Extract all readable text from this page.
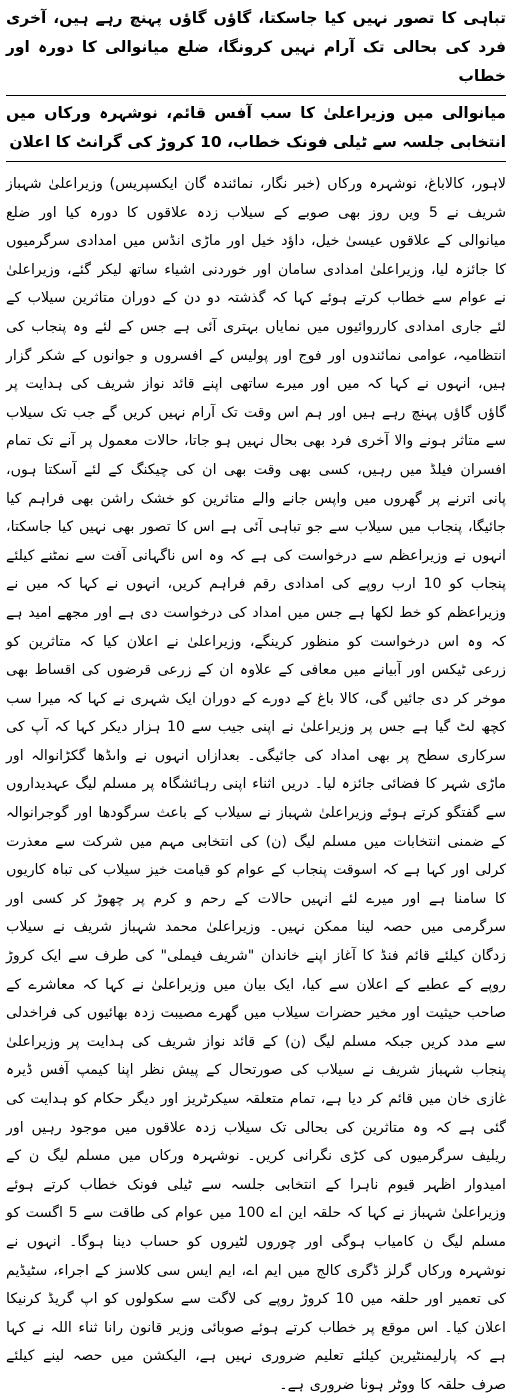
تباہی کا تصور نہیں کیا جاسکتا، گاؤں گاؤں پہنچ رہے ہیں، آخری فرد کی بحالی تک آرام نہیں کرونگا، ضلع میانوالی کا دورہ اور خطاب
میانوالی میں وزیراعلیٰ کا سب آفس قائم، نوشہرہ ورکاں میں انتخابی جلسہ سے ٹیلی فونک خطاب، 10 کروڑ کی گرانٹ کا اعلان
لاہور، کالاباغ، نوشہرہ ورکاں (خبر نگار، نمائندہ گان ایکسپریس) وزیراعلیٰ شہباز شریف نے 5 ویں روز بھی صوبے کے سیلاب زدہ علاقوں کا دورہ کیا اور ضلع میانوالی کے علاقوں عیسیٰ خیل، داؤد خیل اور ماڑی انڈس میں امدادی سرگرمیوں کا جائزہ لیا، وزیراعلیٰ امدادی سامان اور خوردنی اشیاء ساتھ لیکر گئے، وزیراعلیٰ نے عوام سے خطاب کرتے ہوئے کہا کہ گذشتہ دو دن کے دوران متاثرین سیلاب کے لئے جاری امدادی کارروائیوں میں نمایاں بہتری آئی ہے جس کے لئے وہ پنجاب کی انتظامیہ، عوامی نمائندوں اور فوج اور پولیس کے افسروں و جوانوں کے شکر گزار ہیں، انہوں نے کہا کہ میں اور میرے ساتھی اپنے قائد نواز شریف کی ہدایت پر گاؤں گاؤں پہنچ رہے ہیں اور ہم اس وقت تک آرام نہیں کریں گے جب تک سیلاب سے متاثر ہونے والا آخری فرد بھی بحال نہیں ہو جاتا، حالات معمول پر آنے تک تمام افسران فیلڈ میں رہیں، کسی بھی وقت بھی ان کی چیکنگ کے لئے آسکتا ہوں، پانی اترنے پر گھروں میں واپس جانے والے متاثرین کو خشک راشن بھی فراہم کیا جائیگا، پنجاب میں سیلاب سے جو تباہی آئی ہے اس کا تصور بھی نہیں کیا جاسکتا، انہوں نے وزیراعظم سے درخواست کی ہے کہ وہ اس ناگہانی آفت سے نمٹنے کیلئے پنجاب کو 10 ارب روپے کی امدادی رقم فراہم کریں، انہوں نے کہا کہ میں نے وزیراعظم کو خط لکھا ہے جس میں امداد کی درخواست دی ہے اور مجھے امید ہے کہ وہ اس درخواست کو منظور کرینگے، وزیراعلیٰ نے اعلان کیا کہ متاثرین کو زرعی ٹیکس اور آبیانے میں معافی کے علاوہ ان کے زرعی قرضوں کی اقساط بھی موخر کر دی جائیں گی، کالا باغ کے دورے کے دوران ایک شہری نے کہا کہ میرا سب کچھ لٹ گیا ہے جس پر وزیراعلیٰ نے اپنی جیب سے 10 ہزار دیکر کہا کہ آپ کی سرکاری سطح پر بھی امداد کی جائیگی۔ بعدازاں انہوں نے واںڈھا گکڑانوالہ اور ماڑی شہر کا فضائی جائزہ لیا۔ دریں اثناء اپنی رہائشگاہ پر مسلم لیگ عہدیداروں سے گفتگو کرتے ہوئے وزیراعلیٰ شہباز نے سیلاب کے باعث سرگودھا اور گوجرانوالہ کے ضمنی انتخابات میں مسلم لیگ (ن) کی انتخابی مہم میں شرکت سے معذرت کرلی اور کہا ہے کہ اسوقت پنجاب کے عوام کو قیامت خیز سیلاب کی تباہ کاریوں کا سامنا ہے اور میرے لئے انہیں حالات کے رحم و کرم پر چھوڑ کر کسی اور سرگرمی میں حصہ لینا ممکن نہیں۔ وزیراعلیٰ محمد شہباز شریف نے سیلاب زدگان کیلئے قائم فنڈ کا آغاز اپنے خاندان "شریف فیملی" کی طرف سے ایک کروڑ روپے کے عطیے کے اعلان سے کیا، ایک بیان میں وزیراعلیٰ نے کہا کہ معاشرے کے صاحب حیثیت اور مخیر حضرات سیلاب میں گھرے مصیبت زدہ بھائیوں کی فراخدلی سے مدد کریں جبکہ مسلم لیگ (ن) کے قائد نواز شریف کی ہدایت پر وزیراعلیٰ پنجاب شہباز شریف نے سیلاب کی صورتحال کے پیش نظر اپنا کیمپ آفس ڈیرہ غازی خان میں قائم کر دیا ہے، تمام متعلقہ سیکرٹریز اور دیگر حکام کو ہدایت کی گئی ہے کہ وہ متاثرین کی بحالی تک سیلاب زدہ علاقوں میں موجود رہیں اور ریلیف سرگرمیوں کی کڑی نگرانی کریں۔ نوشہرہ ورکاں میں مسلم لیگ ن کے امیدوار اظہر قیوم ناہرا کے انتخابی جلسہ سے ٹیلی فونک خطاب کرتے ہوئے وزیراعلیٰ شہباز نے کہا کہ حلقہ این اے 100 میں عوام کی طاقت سے 5 اگست کو مسلم لیگ ن کامیاب ہوگی اور چوروں لٹیروں کو حساب دینا ہوگا۔ انہوں نے نوشہرہ ورکاں گرلز ڈگری کالج میں ایم اے، ایم ایس سی کلاسز کے اجراء، سٹیڈیم کی تعمیر اور حلقہ میں 10 کروڑ روپے کی لاگت سے سکولوں کو اپ گریڈ کرنیکا اعلان کیا۔ اس موقع پر خطاب کرتے ہوئے صوبائی وزیر قانون رانا ثناء اللہ نے کہا ہے کہ پارلیمنٹیرین کیلئے تعلیم ضروری نہیں ہے، الیکشن میں حصہ لینے کیلئے صرف حلقہ کا ووٹر ہونا ضروری ہے۔
